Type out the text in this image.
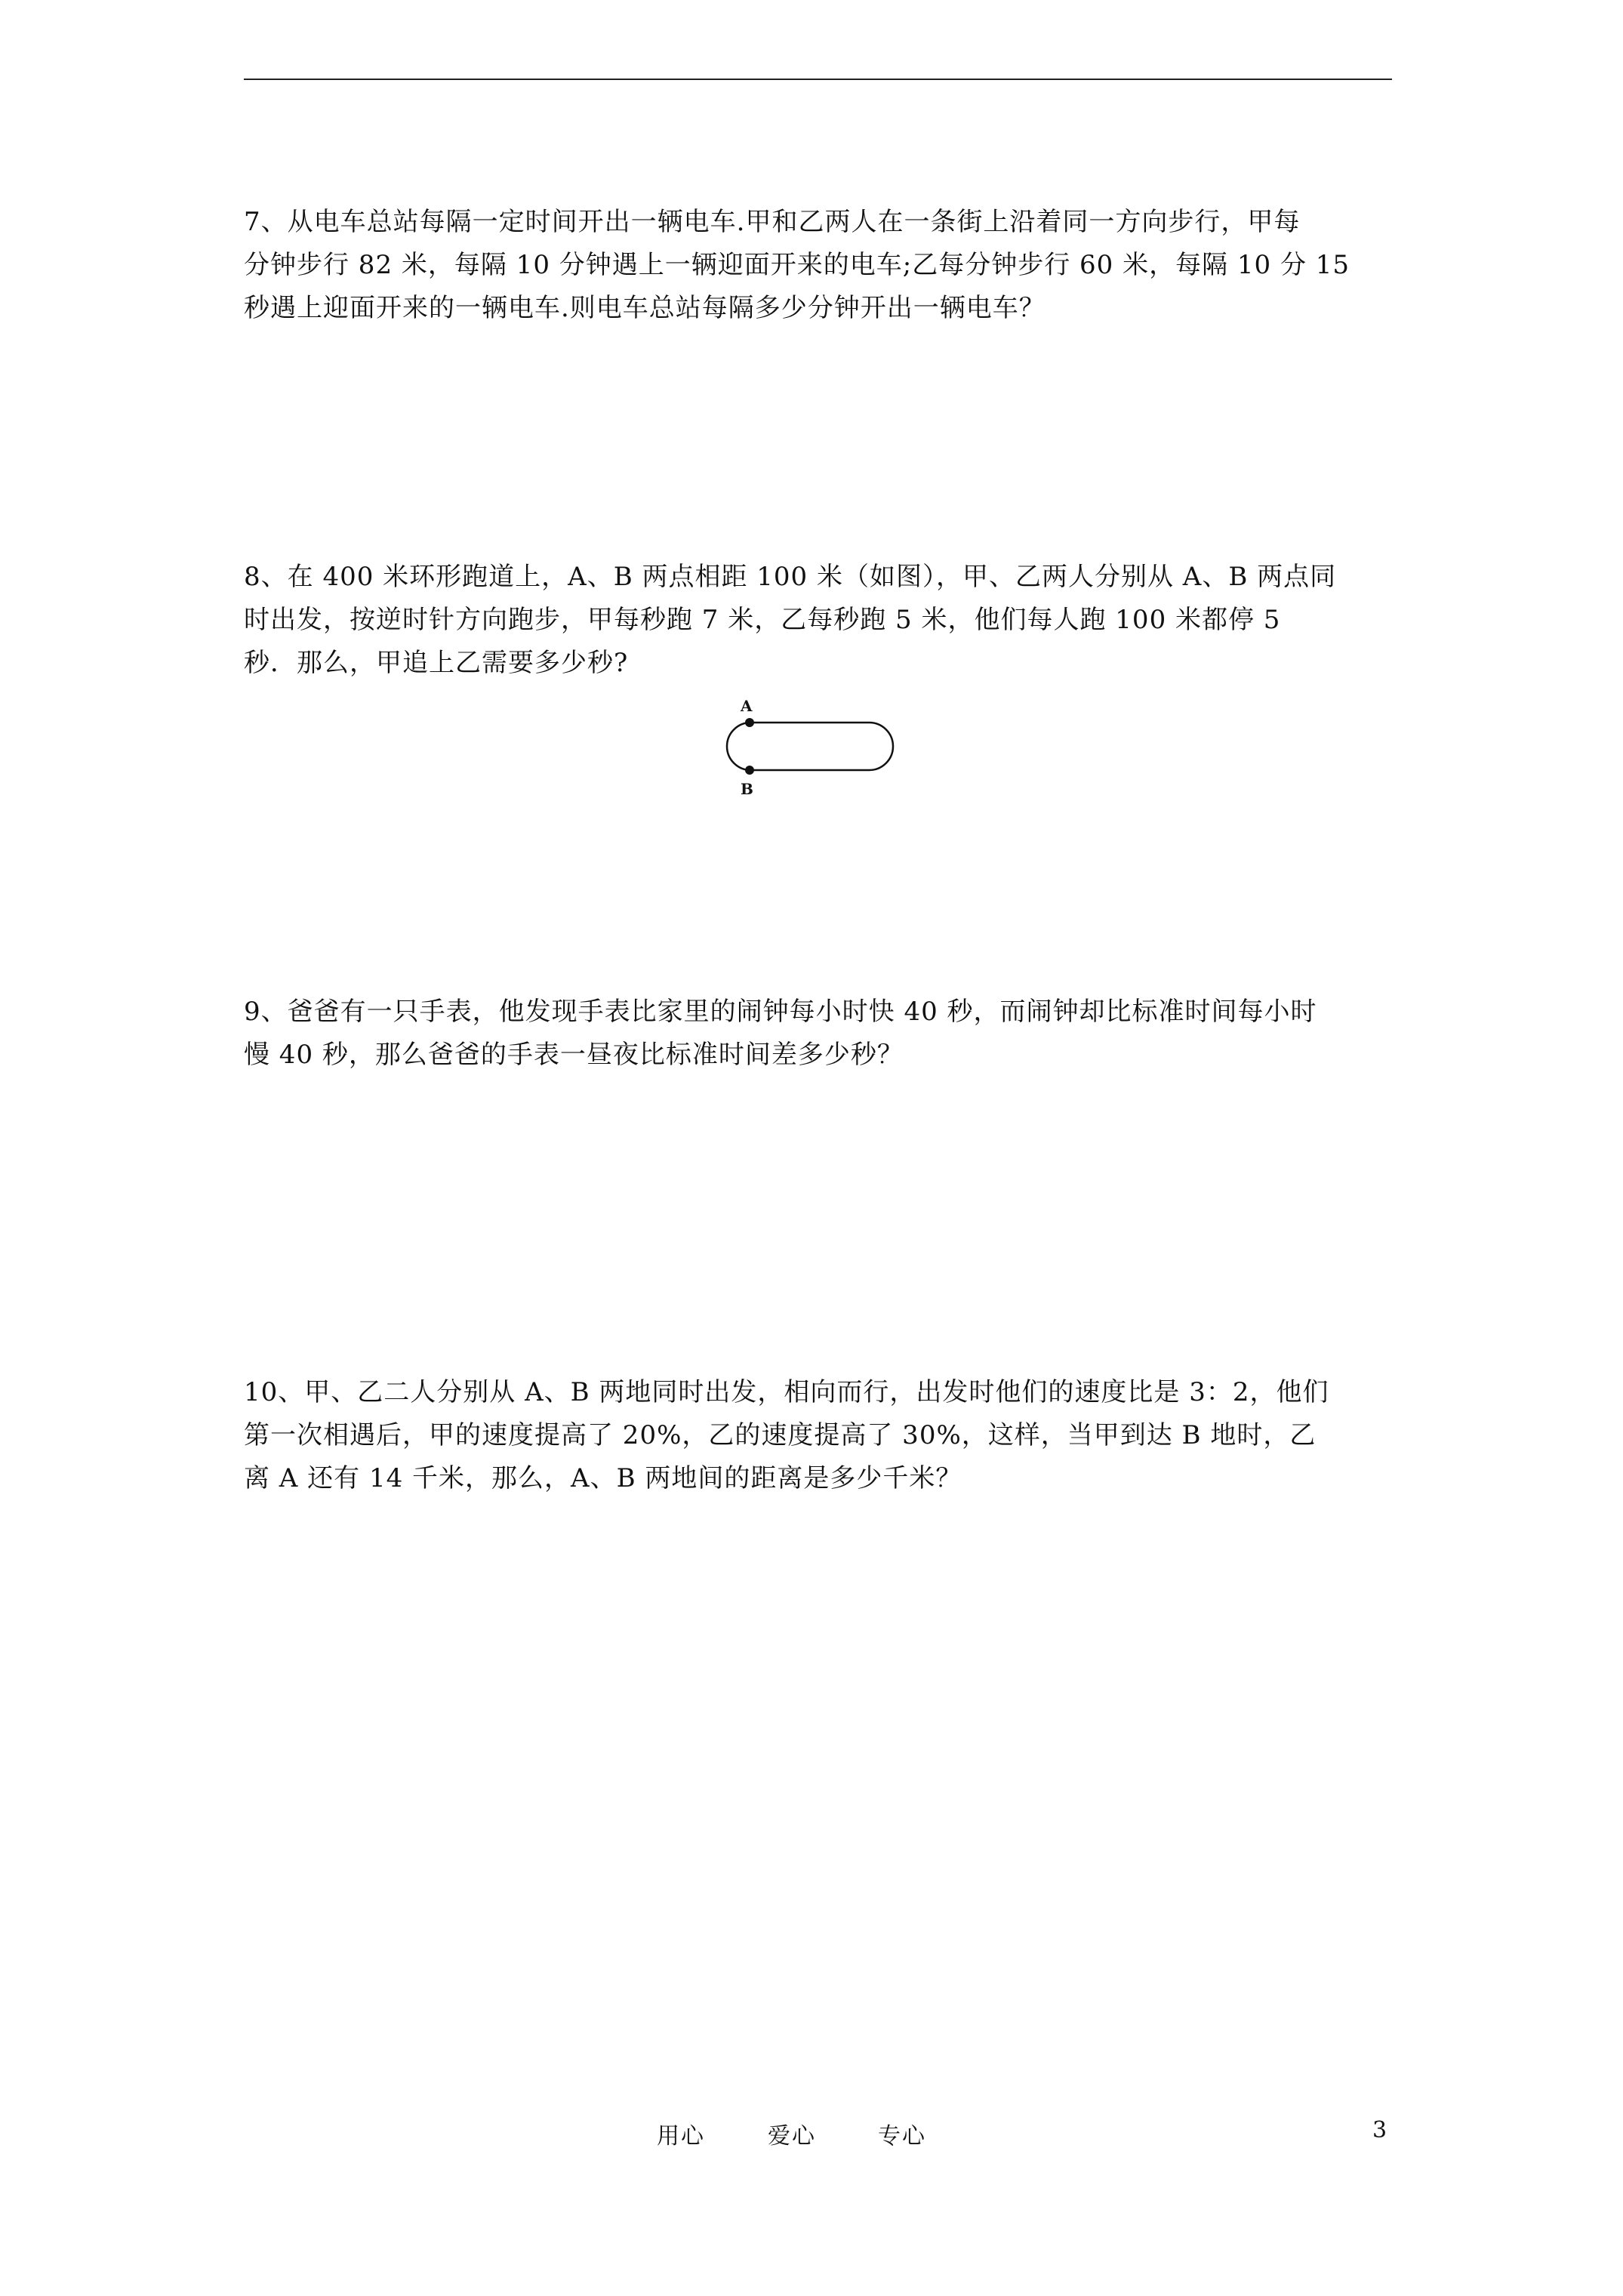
7、从电车总站每隔一定时间开出一辆电车.甲和乙两人在一条街上沿着同一方向步行，甲每
分钟步行 82 米，每隔 10 分钟遇上一辆迎面开来的电车;乙每分钟步行 60 米，每隔 10 分 15
秒遇上迎面开来的一辆电车.则电车总站每隔多少分钟开出一辆电车？
8、在 400 米环形跑道上，A、B 两点相距 100 米（如图），甲、乙两人分别从 A、B 两点同
时出发，按逆时针方向跑步，甲每秒跑 7 米，乙每秒跑 5 米，他们每人跑 100 米都停 5
秒．那么，甲追上乙需要多少秒?
A
B
9、爸爸有一只手表，他发现手表比家里的闹钟每小时快 40 秒，而闹钟却比标准时间每小时
慢 40 秒，那么爸爸的手表一昼夜比标准时间差多少秒？
10、甲、乙二人分别从 A、B 两地同时出发，相向而行，出发时他们的速度比是 3：2，他们
第一次相遇后，甲的速度提高了 20%，乙的速度提高了 30%，这样，当甲到达 B 地时，乙
离 A 还有 14 千米，那么，A、B 两地间的距离是多少千米？
用心	爱心	专心	3
